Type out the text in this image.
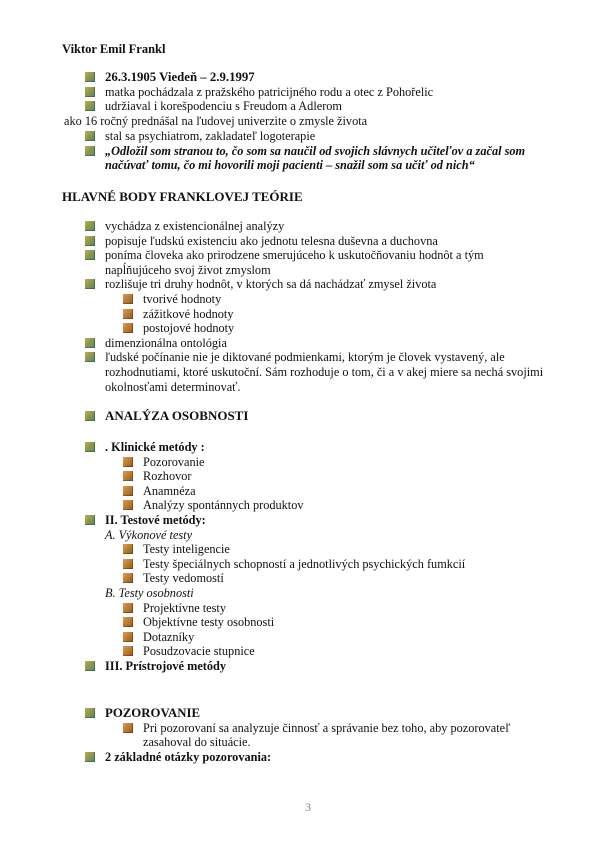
Viktor Emil Frankl
26.3.1905 Viedeň – 2.9.1997
matka pochádzala z pražského patricijného rodu a otec z Pohořelic
udržiaval i korešpodenciu s Freudom a Adlerom
ako 16 ročný prednášal na ľudovej univerzite o zmysle života
stal sa psychiatrom, zakladateľ logoterapie
„Odložil som stranou to, čo som sa naučil od svojich slávnych učiteľov a začal som načúvať tomu, čo mi hovorili moji pacienti – snažil som sa učiť od nich“
HLAVNÉ BODY FRANKLOVEJ TEÓRIE
vychádza z existencionálnej analýzy
popisuje ľudskú existenciu ako jednotu telesna duševna a duchovna
poníma človeka ako prirodzene smerujúceho k uskutočňovaniu hodnôt a tým napĺňujúceho svoj život zmyslom
rozlišuje tri druhy hodnôt, v ktorých sa dá nachádzať zmysel života
tvorivé hodnoty
zážitkové hodnoty
postojové hodnoty
dimenzionálna ontológia
ľudské počínanie nie je diktované podmienkami, ktorým je človek vystavený, ale rozhodnutiami, ktoré uskutoční. Sám rozhoduje o tom, či a v akej miere sa nechá svojimi okolnosťami determinovať.
ANALÝZA OSOBNOSTI
. Klinické metódy :
Pozorovanie
Rozhovor
Anamnéza
Analýzy spontánnych produktov
II. Testové metódy:
A. Výkonové testy
Testy inteligencie
Testy špeciálnych schopností a jednotlivých psychických fumkcií
Testy vedomostí
B. Testy osobnosti
Projektívne testy
Objektívne testy osobnosti
Dotazníky
Posudzovacie stupnice
III. Prístrojové metódy
POZOROVANIE
Pri pozorovaní sa analyzuje činnosť a správanie bez toho, aby pozorovateľ zasahoval do situácie.
2 základné otázky pozorovania:
3
